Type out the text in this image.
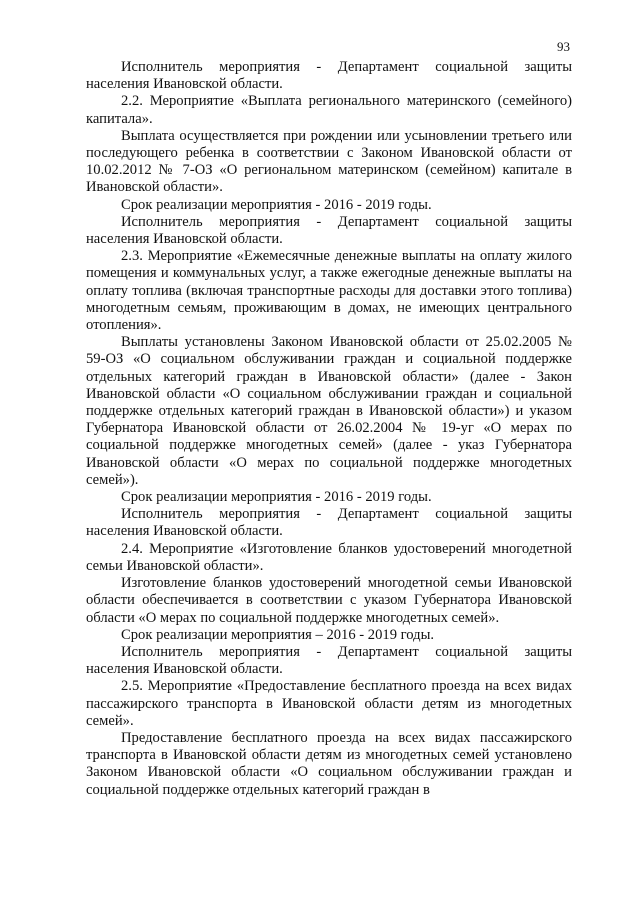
93

Исполнитель мероприятия - Департамент социальной защиты населения Ивановской области.

2.2. Мероприятие «Выплата регионального материнского (семейного) капитала».

Выплата осуществляется при рождении или усыновлении третьего или последующего ребенка в соответствии с Законом Ивановской области от 10.02.2012 № 7-ОЗ «О региональном материнском (семейном) капитале в Ивановской области».

Срок реализации мероприятия - 2016 - 2019 годы.

Исполнитель мероприятия - Департамент социальной защиты населения Ивановской области.

2.3. Мероприятие «Ежемесячные денежные выплаты на оплату жилого помещения и коммунальных услуг, а также ежегодные денежные выплаты на оплату топлива (включая транспортные расходы для доставки этого топлива) многодетным семьям, проживающим в домах, не имеющих центрального отопления».

Выплаты установлены Законом Ивановской области от 25.02.2005 № 59-ОЗ «О социальном обслуживании граждан и социальной поддержке отдельных категорий граждан в Ивановской области» (далее - Закон Ивановской области «О социальном обслуживании граждан и социальной поддержке отдельных категорий граждан в Ивановской области») и указом Губернатора Ивановской области от 26.02.2004 № 19-уг «О мерах по социальной поддержке многодетных семей» (далее - указ Губернатора Ивановской области «О мерах по социальной поддержке многодетных семей»).

Срок реализации мероприятия - 2016 - 2019 годы.

Исполнитель мероприятия - Департамент социальной защиты населения Ивановской области.

2.4. Мероприятие «Изготовление бланков удостоверений многодетной семьи Ивановской области».

Изготовление бланков удостоверений многодетной семьи Ивановской области обеспечивается в соответствии с указом Губернатора Ивановской области «О мерах по социальной поддержке многодетных семей».

Срок реализации мероприятия – 2016 - 2019 годы.

Исполнитель мероприятия - Департамент социальной защиты населения Ивановской области.

2.5. Мероприятие «Предоставление бесплатного проезда на всех видах пассажирского транспорта в Ивановской области детям из многодетных семей».

Предоставление бесплатного проезда на всех видах пассажирского транспорта в Ивановской области детям из многодетных семей установлено Законом Ивановской области «О социальном обслуживании граждан и социальной поддержке отдельных категорий граждан в
